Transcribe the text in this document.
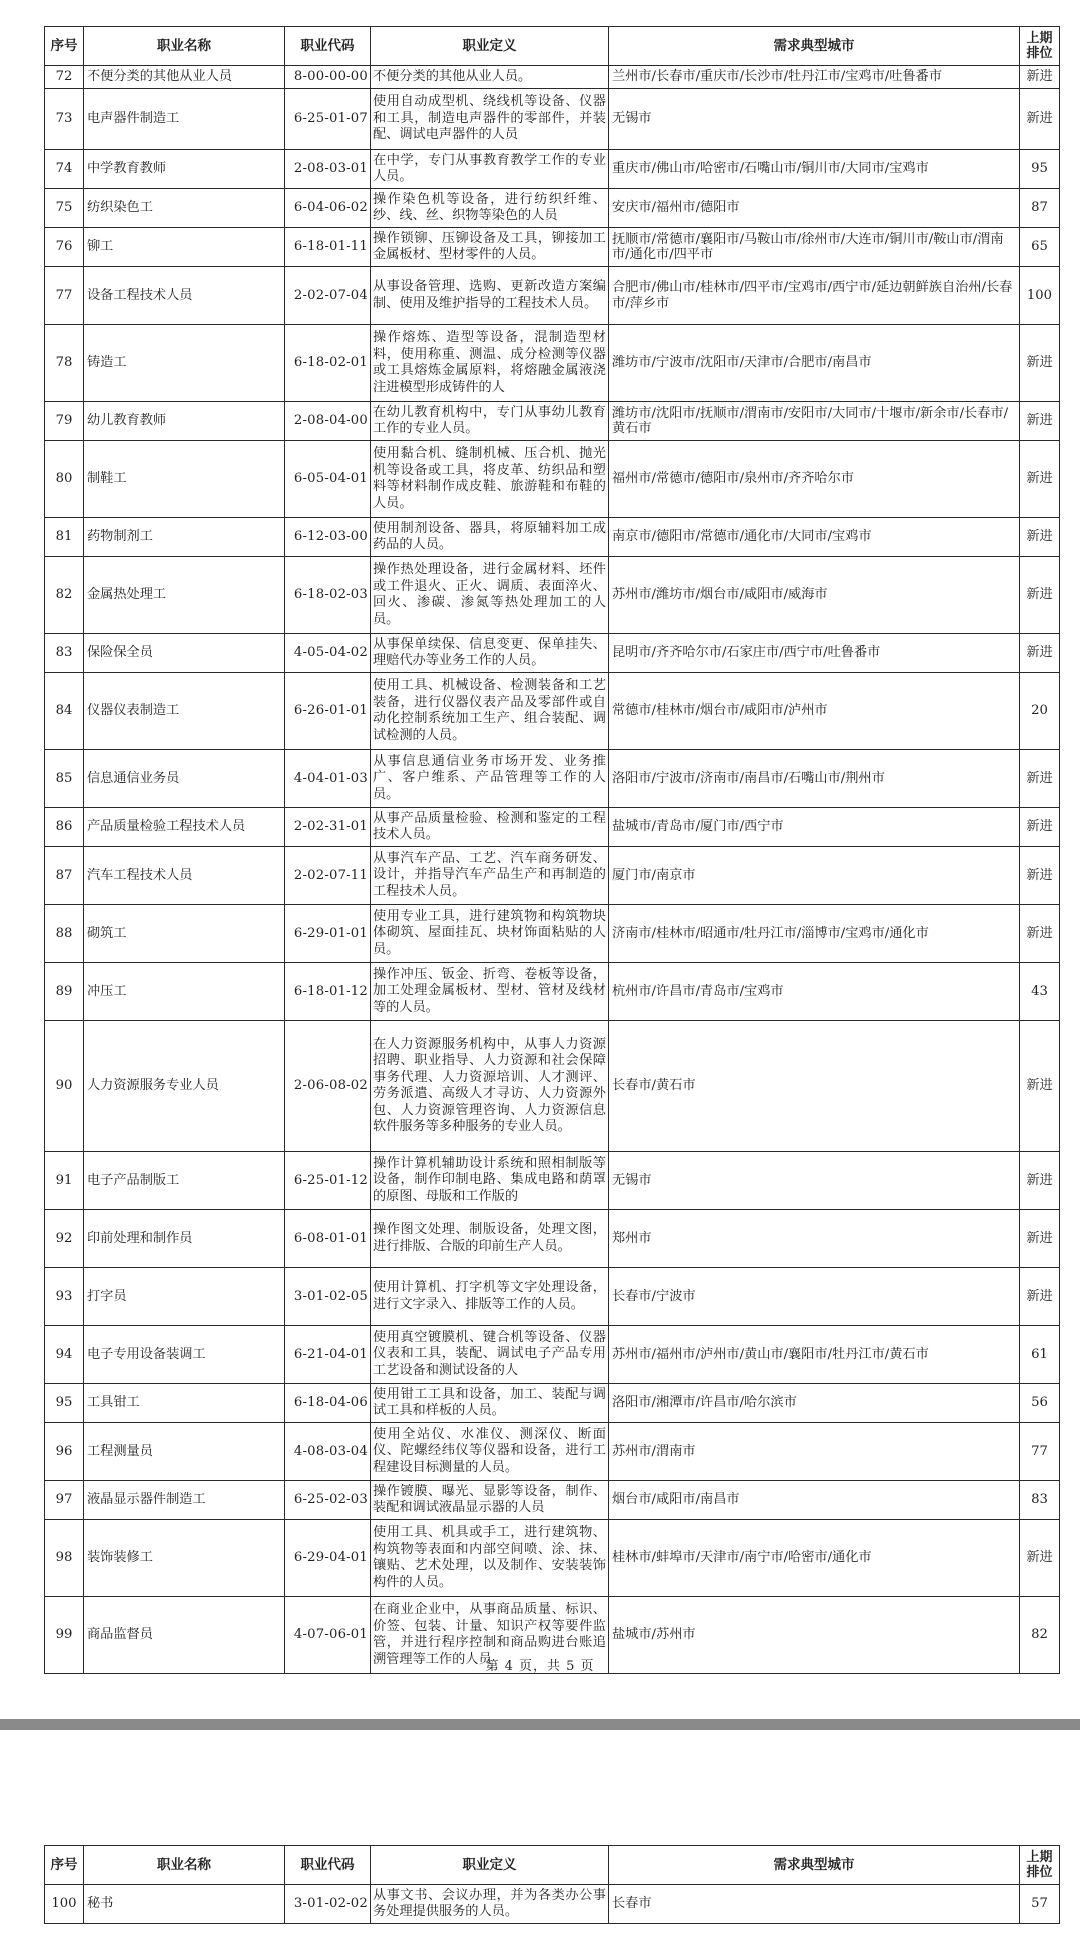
序号	职业名称	职业代码	职业定义	需求典型城市	上期
排位
72	不便分类的其他从业人员	8-00-00-00	不便分类的其他从业人员。	兰州市/长春市/重庆市/长沙市/牡丹江市/宝鸡市/吐鲁番市	新进
73	电声器件制造工	6-25-01-07	使用自动成型机、绕线机等设备、仪器和工具，制造电声器件的零部件，并装配、调试电声器件的人员	无锡市	新进
74	中学教育教师	2-08-03-01	在中学，专门从事教育教学工作的专业人员。	重庆市/佛山市/哈密市/石嘴山市/铜川市/大同市/宝鸡市	95
75	纺织染色工	6-04-06-02	操作染色机等设备，进行纺织纤维、纱、线、丝、织物等染色的人员	安庆市/福州市/德阳市	87
76	铆工	6-18-01-11	操作锁铆、压铆设备及工具，铆接加工金属板材、型材零件的人员。	抚顺市/常德市/襄阳市/马鞍山市/徐州市/大连市/铜川市/鞍山市/渭南市/通化市/四平市	65
77	设备工程技术人员	2-02-07-04	从事设备管理、选购、更新改造方案编制、使用及维护指导的工程技术人员。	合肥市/佛山市/桂林市/四平市/宝鸡市/西宁市/延边朝鲜族自治州/长春市/萍乡市	100
78	铸造工	6-18-02-01	操作熔炼、造型等设备，混制造型材料，使用称重、测温、成分检测等仪器或工具熔炼金属原料，将熔融金属液浇注进模型形成铸件的人	潍坊市/宁波市/沈阳市/天津市/合肥市/南昌市	新进
79	幼儿教育教师	2-08-04-00	在幼儿教育机构中，专门从事幼儿教育工作的专业人员。	潍坊市/沈阳市/抚顺市/渭南市/安阳市/大同市/十堰市/新余市/长春市/黄石市	新进
80	制鞋工	6-05-04-01	使用黏合机、缝制机械、压合机、抛光机等设备或工具，将皮革、纺织品和塑料等材料制作成皮鞋、旅游鞋和布鞋的人员。	福州市/常德市/德阳市/泉州市/齐齐哈尔市	新进
81	药物制剂工	6-12-03-00	使用制剂设备、器具，将原辅料加工成药品的人员。	南京市/德阳市/常德市/通化市/大同市/宝鸡市	新进
82	金属热处理工	6-18-02-03	操作热处理设备，进行金属材料、坯件或工件退火、正火、调质、表面淬火、回火、渗碳、渗氮等热处理加工的人员。	苏州市/潍坊市/烟台市/咸阳市/威海市	新进
83	保险保全员	4-05-04-02	从事保单续保、信息变更、保单挂失、理赔代办等业务工作的人员。	昆明市/齐齐哈尔市/石家庄市/西宁市/吐鲁番市	新进
84	仪器仪表制造工	6-26-01-01	使用工具、机械设备、检测装备和工艺装备，进行仪器仪表产品及零部件或自动化控制系统加工生产、组合装配、调试检测的人员。	常德市/桂林市/烟台市/咸阳市/泸州市	20
85	信息通信业务员	4-04-01-03	从事信息通信业务市场开发、业务推广、客户维系、产品管理等工作的人员。	洛阳市/宁波市/济南市/南昌市/石嘴山市/荆州市	新进
86	产品质量检验工程技术人员	2-02-31-01	从事产品质量检验、检测和鉴定的工程技术人员。	盐城市/青岛市/厦门市/西宁市	新进
87	汽车工程技术人员	2-02-07-11	从事汽车产品、工艺、汽车商务研发、设计，并指导汽车产品生产和再制造的工程技术人员。	厦门市/南京市	新进
88	砌筑工	6-29-01-01	使用专业工具，进行建筑物和构筑物块体砌筑、屋面挂瓦、块材饰面粘贴的人员。	济南市/桂林市/昭通市/牡丹江市/淄博市/宝鸡市/通化市	新进
89	冲压工	6-18-01-12	操作冲压、钣金、折弯、卷板等设备，加工处理金属板材、型材、管材及线材等的人员。	杭州市/许昌市/青岛市/宝鸡市	43
90	人力资源服务专业人员	2-06-08-02	在人力资源服务机构中，从事人力资源招聘、职业指导、人力资源和社会保障事务代理、人力资源培训、人才测评、劳务派遣、高级人才寻访、人力资源外包、人力资源管理咨询、人力资源信息软件服务等多种服务的专业人员。	长春市/黄石市	新进
91	电子产品制版工	6-25-01-12	操作计算机辅助设计系统和照相制版等设备，制作印制电路、集成电路和荫罩的原图、母版和工作版的	无锡市	新进
92	印前处理和制作员	6-08-01-01	操作图文处理、制版设备，处理文图，进行排版、合版的印前生产人员。	郑州市	新进
93	打字员	3-01-02-05	使用计算机、打字机等文字处理设备，进行文字录入、排版等工作的人员。	长春市/宁波市	新进
94	电子专用设备装调工	6-21-04-01	使用真空镀膜机、键合机等设备、仪器仪表和工具，装配、调试电子产品专用工艺设备和测试设备的人	苏州市/福州市/泸州市/黄山市/襄阳市/牡丹江市/黄石市	61
95	工具钳工	6-18-04-06	使用钳工工具和设备，加工、装配与调试工具和样板的人员。	洛阳市/湘潭市/许昌市/哈尔滨市	56
96	工程测量员	4-08-03-04	使用全站仪、水准仪、测深仪、断面仪、陀螺经纬仪等仪器和设备，进行工程建设目标测量的人员。	苏州市/渭南市	77
97	液晶显示器件制造工	6-25-02-03	操作镀膜、曝光、显影等设备，制作、装配和调试液晶显示器的人员	烟台市/咸阳市/南昌市	83
98	装饰装修工	6-29-04-01	使用工具、机具或手工，进行建筑物、构筑物等表面和内部空间喷、涂、抹、镶贴、艺术处理，以及制作、安装装饰构件的人员。	桂林市/蚌埠市/天津市/南宁市/哈密市/通化市	新进
99	商品监督员	4-07-06-01	在商业企业中，从事商品质量、标识、价签、包装、计量、知识产权等要件监管，并进行程序控制和商品购进台账追溯管理等工作的人员	盐城市/苏州市	82
第 4 页，共 5 页
序号	职业名称	职业代码	职业定义	需求典型城市	上期
排位
100	秘书	3-01-02-02	从事文书、会议办理，并为各类办公事务处理提供服务的人员。	长春市	57
